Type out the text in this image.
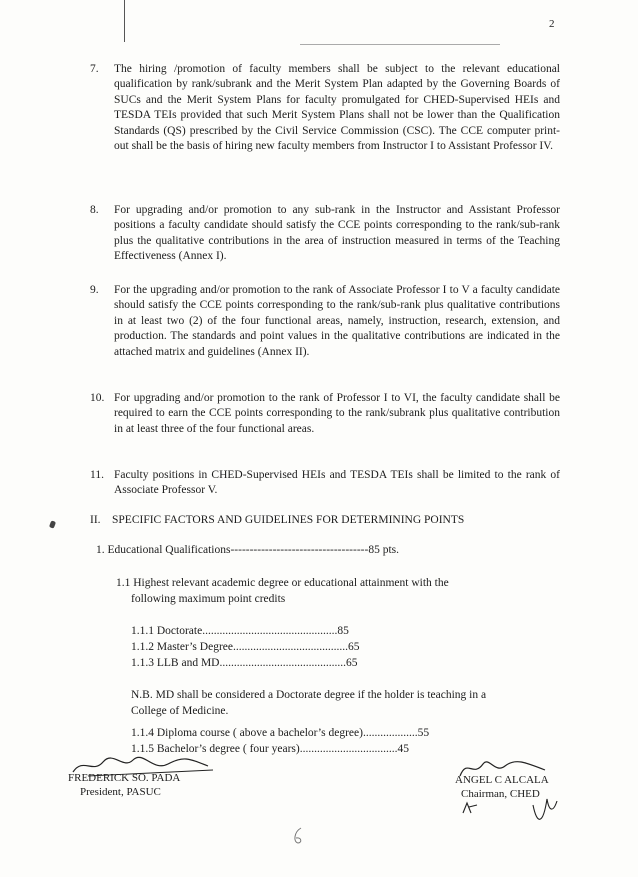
2
7. The hiring /promotion of faculty members shall be subject to the relevant educational qualification by rank/subrank and the Merit System Plan adapted by the Governing Boards of SUCs and the Merit System Plans for faculty promulgated for CHED-Supervised HEIs and TESDA TEIs provided that such Merit System Plans shall not be lower than the Qualification Standards (QS) prescribed by the Civil Service Commission (CSC). The CCE computer print-out shall be the basis of hiring new faculty members from Instructor I to Assistant Professor IV.
8. For upgrading and/or promotion to any sub-rank in the Instructor and Assistant Professor positions a faculty candidate should satisfy the CCE points corresponding to the rank/sub-rank plus the qualitative contributions in the area of instruction measured in terms of the Teaching Effectiveness (Annex I).
9. For the upgrading and/or promotion to the rank of Associate Professor I to V a faculty candidate should satisfy the CCE points corresponding to the rank/sub-rank plus qualitative contributions in at least two (2) of the four functional areas, namely, instruction, research, extension, and production. The standards and point values in the qualitative contributions are indicated in the attached matrix and guidelines (Annex II).
10. For upgrading and/or promotion to the rank of Professor I to VI, the faculty candidate shall be required to earn the CCE points corresponding to the rank/subrank plus qualitative contribution in at least three of the four functional areas.
11. Faculty positions in CHED-Supervised HEIs and TESDA TEIs shall be limited to the rank of Associate Professor V.
II. SPECIFIC FACTORS AND GUIDELINES FOR DETERMINING POINTS
1. Educational Qualifications------------------------------------85 pts.
1.1 Highest relevant academic degree or educational attainment with the
following maximum point credits
1.1.1 Doctorate...............................................85
1.1.2 Master’s Degree........................................65
1.1.3 LLB and MD............................................65
N.B. MD shall be considered a Doctorate degree if the holder is teaching in a
College of Medicine.
1.1.4 Diploma course ( above a bachelor’s degree)...................55
1.1.5 Bachelor’s degree ( four years)..................................45
FREDERICK SO. PADA
President, PASUC
ANGEL C ALCALA
Chairman, CHED
